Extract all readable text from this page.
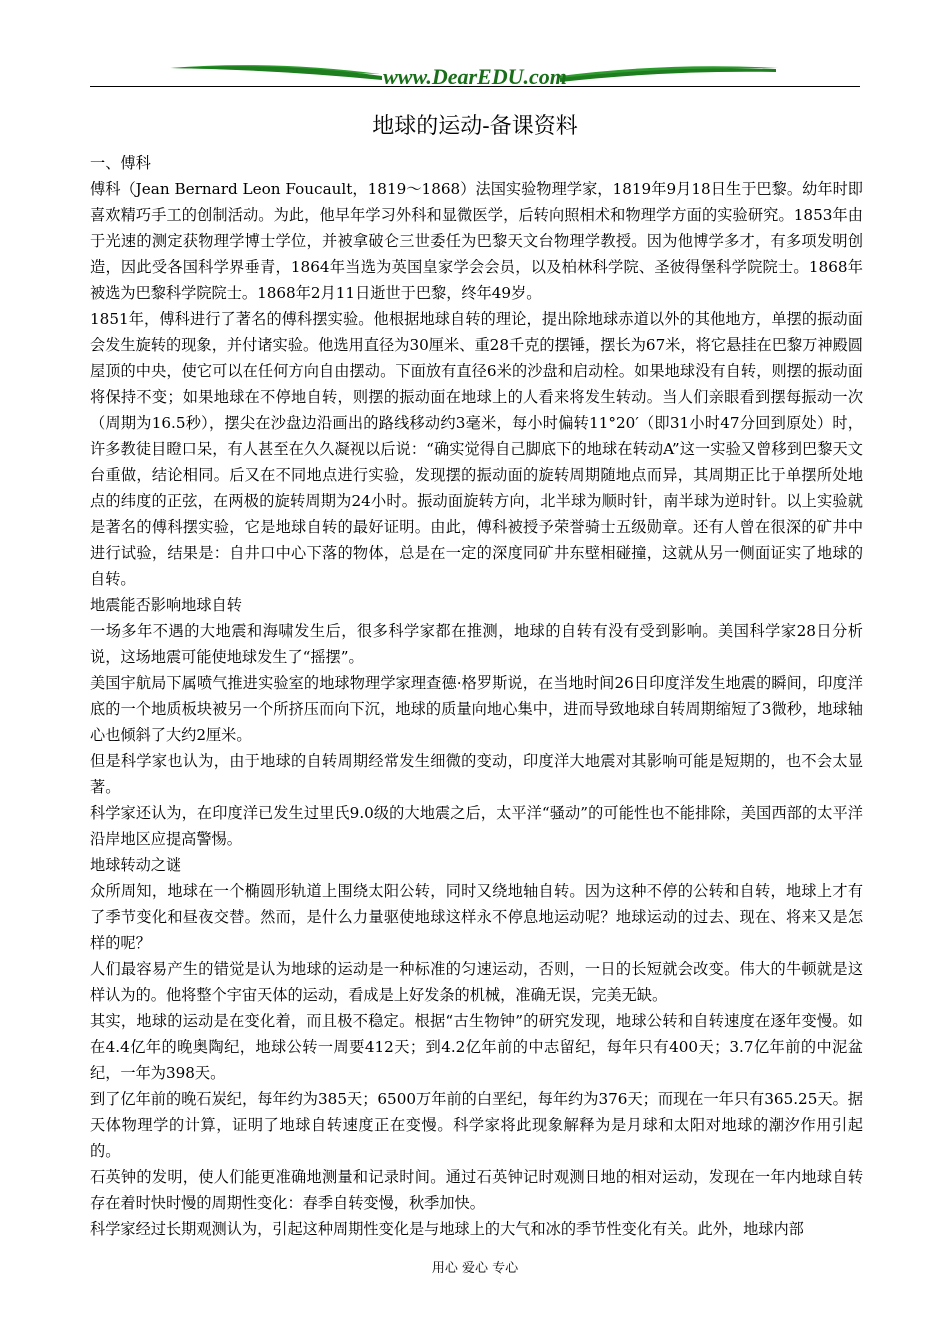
www.DearEDU.com
地球的运动-备课资料

一、傅科

傅科（Jean Bernard Leon Foucault，1819～1868）法国实验物理学家，1819年9月18日生于巴黎。幼年时即喜欢精巧手工的创制活动。为此，他早年学习外科和显微医学，后转向照相术和物理学方面的实验研究。1853年由于光速的测定获物理学博士学位，并被拿破仑三世委任为巴黎天文台物理学教授。因为他博学多才，有多项发明创造，因此受各国科学界垂青，1864年当选为英国皇家学会会员，以及柏林科学院、圣彼得堡科学院院士。1868年被选为巴黎科学院院士。1868年2月11日逝世于巴黎，终年49岁。

1851年，傅科进行了著名的傅科摆实验。他根据地球自转的理论，提出除地球赤道以外的其他地方，单摆的振动面会发生旋转的现象，并付诸实验。他选用直径为30厘米、重28千克的摆锤，摆长为67米，将它悬挂在巴黎万神殿圆屋顶的中央，使它可以在任何方向自由摆动。下面放有直径6米的沙盘和启动栓。如果地球没有自转，则摆的振动面将保持不变；如果地球在不停地自转，则摆的振动面在地球上的人看来将发生转动。当人们亲眼看到摆每振动一次（周期为16.5秒），摆尖在沙盘边沿画出的路线移动约3毫米，每小时偏转11°20′（即31小时47分回到原处）时，许多教徒目瞪口呆，有人甚至在久久凝视以后说：“确实觉得自己脚底下的地球在转动A”这一实验又曾移到巴黎天文台重做，结论相同。后又在不同地点进行实验，发现摆的振动面的旋转周期随地点而异，其周期正比于单摆所处地点的纬度的正弦，在两极的旋转周期为24小时。振动面旋转方向，北半球为顺时针，南半球为逆时针。以上实验就是著名的傅科摆实验，它是地球自转的最好证明。由此，傅科被授予荣誉骑士五级勋章。还有人曾在很深的矿井中进行试验，结果是：自井口中心下落的物体，总是在一定的深度同矿井东壁相碰撞，这就从另一侧面证实了地球的自转。

地震能否影响地球自转

一场多年不遇的大地震和海啸发生后，很多科学家都在推测，地球的自转有没有受到影响。美国科学家28日分析说，这场地震可能使地球发生了“摇摆”。

美国宇航局下属喷气推进实验室的地球物理学家理查德·格罗斯说，在当地时间26日印度洋发生地震的瞬间，印度洋底的一个地质板块被另一个所挤压而向下沉，地球的质量向地心集中，进而导致地球自转周期缩短了3微秒，地球轴心也倾斜了大约2厘米。

但是科学家也认为，由于地球的自转周期经常发生细微的变动，印度洋大地震对其影响可能是短期的，也不会太显著。

科学家还认为，在印度洋已发生过里氏9.0级的大地震之后，太平洋“骚动”的可能性也不能排除，美国西部的太平洋沿岸地区应提高警惕。

地球转动之谜

众所周知，地球在一个椭圆形轨道上围绕太阳公转，同时又绕地轴自转。因为这种不停的公转和自转，地球上才有了季节变化和昼夜交替。然而，是什么力量驱使地球这样永不停息地运动呢？地球运动的过去、现在、将来又是怎样的呢？

人们最容易产生的错觉是认为地球的运动是一种标准的匀速运动，否则，一日的长短就会改变。伟大的牛顿就是这样认为的。他将整个宇宙天体的运动，看成是上好发条的机械，准确无误，完美无缺。

其实，地球的运动是在变化着，而且极不稳定。根据“古生物钟”的研究发现，地球公转和自转速度在逐年变慢。如在4.4亿年的晚奥陶纪，地球公转一周要412天；到4.2亿年前的中志留纪，每年只有400天；3.7亿年前的中泥盆纪，一年为398天。

到了亿年前的晚石炭纪，每年约为385天；6500万年前的白垩纪，每年约为376天；而现在一年只有365.25天。据天体物理学的计算，证明了地球自转速度正在变慢。科学家将此现象解释为是月球和太阳对地球的潮汐作用引起的。

石英钟的发明，使人们能更准确地测量和记录时间。通过石英钟记时观测日地的相对运动，发现在一年内地球自转存在着时快时慢的周期性变化：春季自转变慢，秋季加快。

科学家经过长期观测认为，引起这种周期性变化是与地球上的大气和冰的季节性变化有关。此外，地球内部

用心 爱心 专心
